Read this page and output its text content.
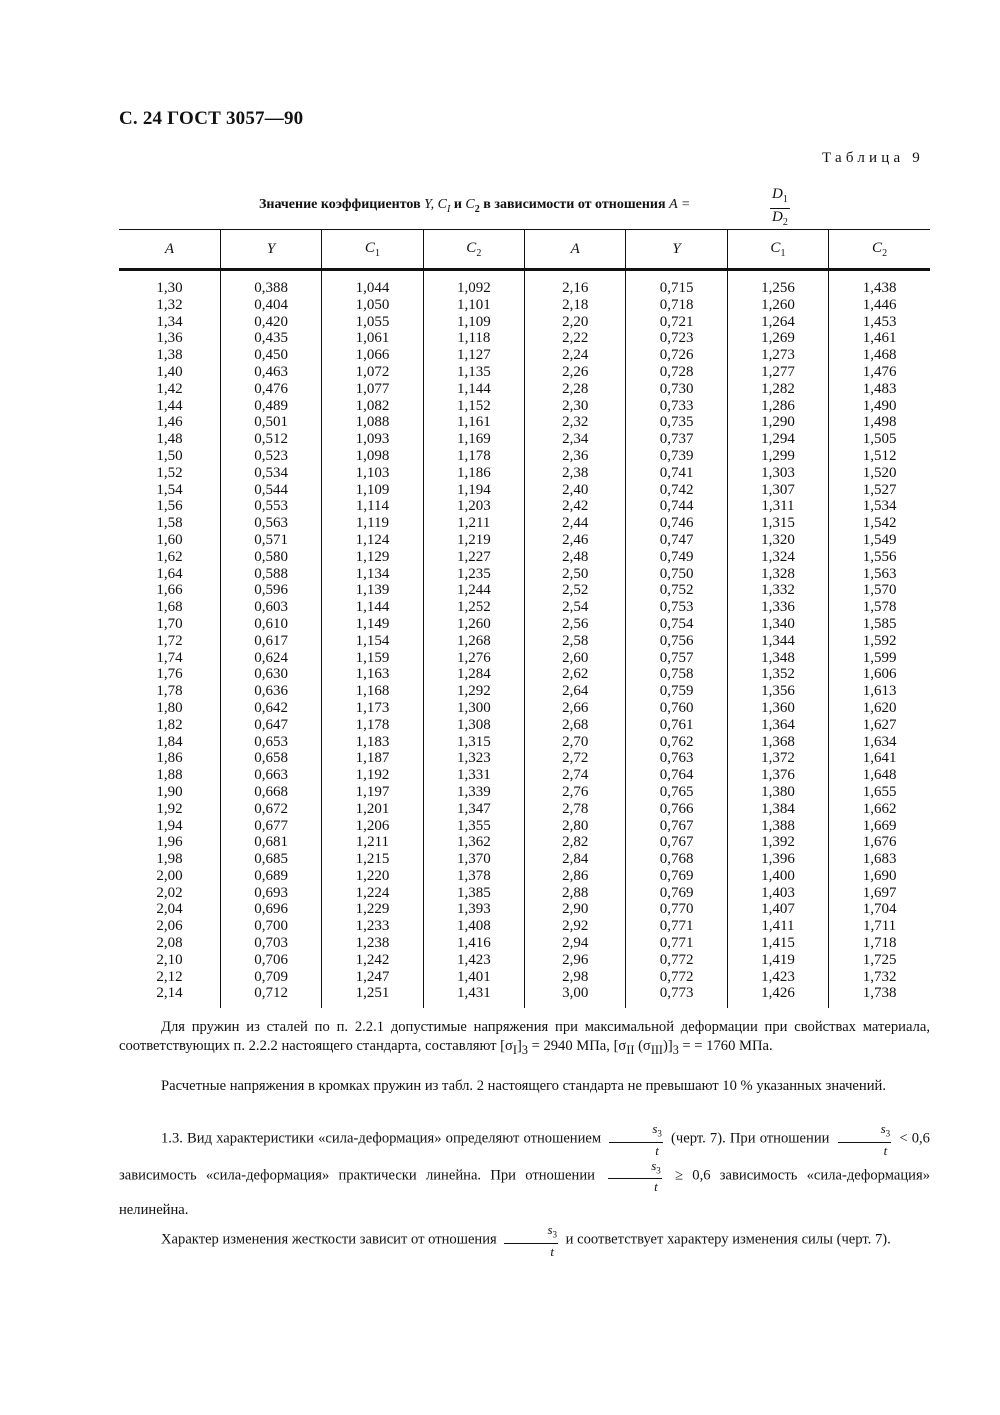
С. 24 ГОСТ 3057—90
Таблица 9
Значение коэффициентов Y, $C_I$ и $C_2$ в зависимости от отношения A =	$\frac{D_1}{D_2}$
A	Y	$C_1$	$C_2$	A	Y	$C_1$	$C_2$

1,30	0,388	1,044	1,092	2,16	0,715	1,256	1,438
1,32	0,404	1,050	1,101	2,18	0,718	1,260	1,446
1,34	0,420	1,055	1,109	2,20	0,721	1,264	1,453
1,36	0,435	1,061	1,118	2,22	0,723	1,269	1,461
1,38	0,450	1,066	1,127	2,24	0,726	1,273	1,468
1,40	0,463	1,072	1,135	2,26	0,728	1,277	1,476
1,42	0,476	1,077	1,144	2,28	0,730	1,282	1,483
1,44	0,489	1,082	1,152	2,30	0,733	1,286	1,490
1,46	0,501	1,088	1,161	2,32	0,735	1,290	1,498
1,48	0,512	1,093	1,169	2,34	0,737	1,294	1,505
1,50	0,523	1,098	1,178	2,36	0,739	1,299	1,512
1,52	0,534	1,103	1,186	2,38	0,741	1,303	1,520
1,54	0,544	1,109	1,194	2,40	0,742	1,307	1,527
1,56	0,553	1,114	1,203	2,42	0,744	1,311	1,534
1,58	0,563	1,119	1,211	2,44	0,746	1,315	1,542
1,60	0,571	1,124	1,219	2,46	0,747	1,320	1,549
1,62	0,580	1,129	1,227	2,48	0,749	1,324	1,556
1,64	0,588	1,134	1,235	2,50	0,750	1,328	1,563
1,66	0,596	1,139	1,244	2,52	0,752	1,332	1,570
1,68	0,603	1,144	1,252	2,54	0,753	1,336	1,578
1,70	0,610	1,149	1,260	2,56	0,754	1,340	1,585
1,72	0,617	1,154	1,268	2,58	0,756	1,344	1,592
1,74	0,624	1,159	1,276	2,60	0,757	1,348	1,599
1,76	0,630	1,163	1,284	2,62	0,758	1,352	1,606
1,78	0,636	1,168	1,292	2,64	0,759	1,356	1,613
1,80	0,642	1,173	1,300	2,66	0,760	1,360	1,620
1,82	0,647	1,178	1,308	2,68	0,761	1,364	1,627
1,84	0,653	1,183	1,315	2,70	0,762	1,368	1,634
1,86	0,658	1,187	1,323	2,72	0,763	1,372	1,641
1,88	0,663	1,192	1,331	2,74	0,764	1,376	1,648
1,90	0,668	1,197	1,339	2,76	0,765	1,380	1,655
1,92	0,672	1,201	1,347	2,78	0,766	1,384	1,662
1,94	0,677	1,206	1,355	2,80	0,767	1,388	1,669
1,96	0,681	1,211	1,362	2,82	0,767	1,392	1,676
1,98	0,685	1,215	1,370	2,84	0,768	1,396	1,683
2,00	0,689	1,220	1,378	2,86	0,769	1,400	1,690
2,02	0,693	1,224	1,385	2,88	0,769	1,403	1,697
2,04	0,696	1,229	1,393	2,90	0,770	1,407	1,704
2,06	0,700	1,233	1,408	2,92	0,771	1,411	1,711
2,08	0,703	1,238	1,416	2,94	0,771	1,415	1,718
2,10	0,706	1,242	1,423	2,96	0,772	1,419	1,725
2,12	0,709	1,247	1,401	2,98	0,772	1,423	1,732
2,14	0,712	1,251	1,431	3,00	0,773	1,426	1,738

Для пружин из сталей по п. 2.2.1 допустимые напряжения при максимальной деформации при свойствах материала, соответствующих п. 2.2.2 настоящего стандарта, составляют $[\sigma_I]_3 = 2940$ МПа, [$\sigma_{II}$ $(\sigma_{III})]_3$ = = 1760 МПа.
Расчетные напряжения в кромках пружин из табл. 2 настоящего стандарта не превышают 10 % указанных значений.
1.3. Вид характеристики «сила-деформация» определяют отношением $\frac{s_3}{t}$ (черт. 7). При отношении $\frac{s_3}{t} < 0,6$ зависимость «сила-деформация» практически линейна. При отношении $\frac{s_3}{t} \ge 0,6$ зависимость «сила-деформация» нелинейна.
Характер изменения жесткости зависит от отношения $\frac{s_3}{t}$ и соответствует характеру изменения силы (черт. 7).
